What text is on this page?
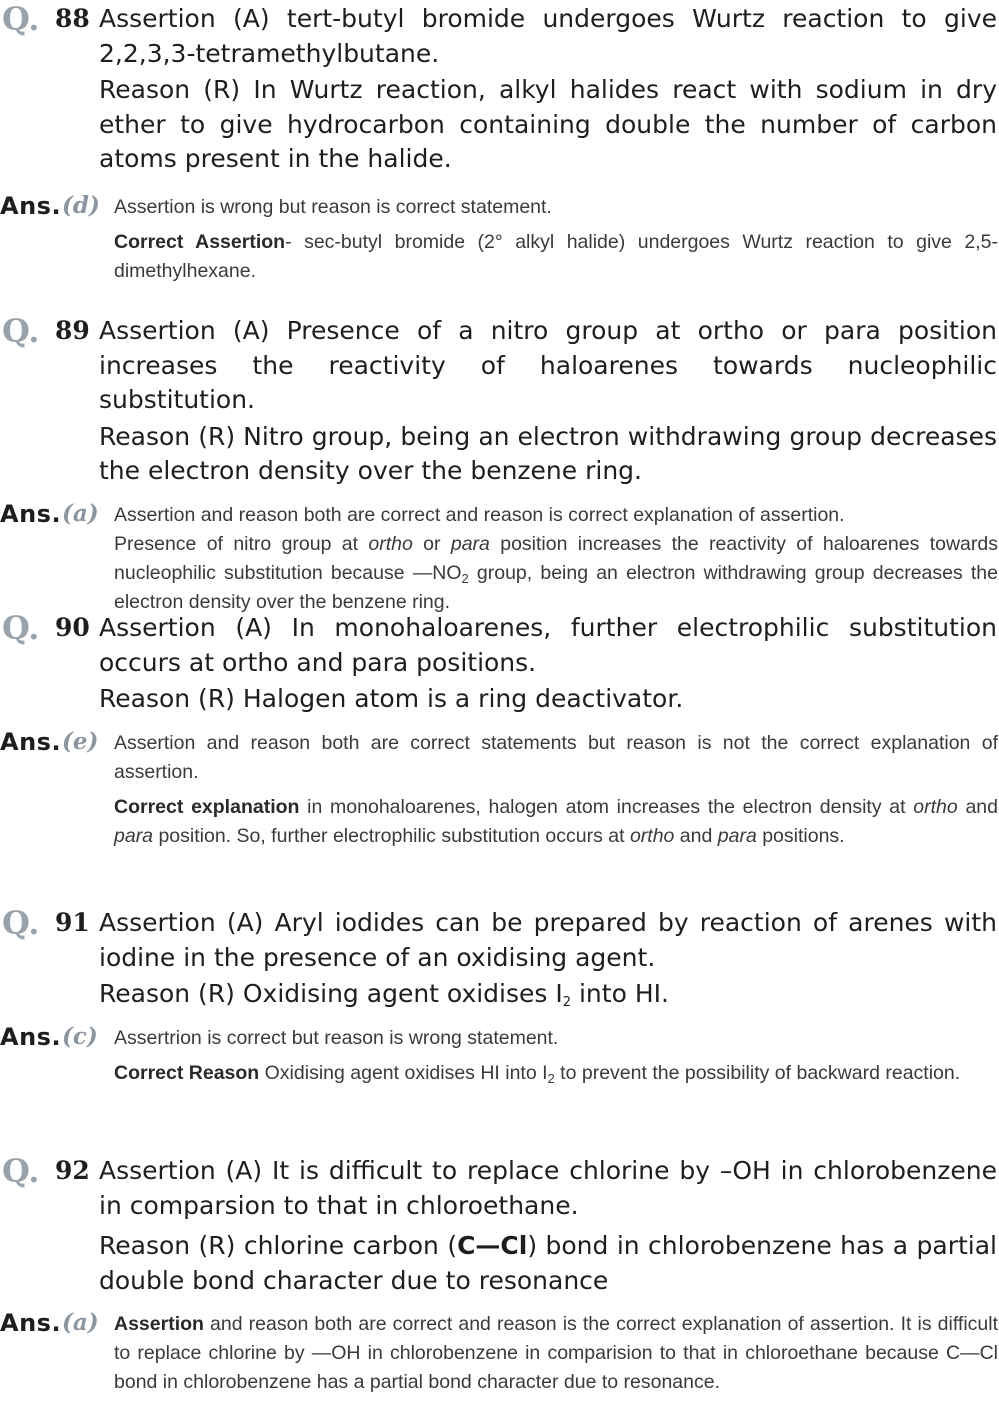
Q. 88 Assertion (A) tert-butyl bromide undergoes Wurtz reaction to give 2,2,3,3-tetramethylbutane.

Reason (R) In Wurtz reaction, alkyl halides react with sodium in dry ether to give hydrocarbon containing double the number of carbon atoms present in the halide.

Ans. (d) Assertion is wrong but reason is correct statement.

Correct Assertion- sec-butyl bromide (2° alkyl halide) undergoes Wurtz reaction to give 2,5- dimethylhexane.

Q. 89 Assertion (A) Presence of a nitro group at ortho or para position increases the reactivity of haloarenes towards nucleophilic substitution.

Reason (R) Nitro group, being an electron withdrawing group decreases the electron density over the benzene ring.

Ans. (a) Assertion and reason both are correct and reason is correct explanation of assertion.

Presence of nitro group at ortho or para position increases the reactivity of haloarenes towards nucleophilic substitution because $—NO_2$ group, being an electron withdrawing group decreases the electron density over the benzene ring.

Q. 90 Assertion (A) In monohaloarenes, further electrophilic substitution occurs at ortho and para positions.

Reason (R) Halogen atom is a ring deactivator.

Ans. (e) Assertion and reason both are correct statements but reason is not the correct explanation of assertion.

Correct explanation in monohaloarenes, halogen atom increases the electron density at ortho and para position. So, further electrophilic substitution occurs at ortho and para positions.

Q. 91 Assertion (A) Aryl iodides can be prepared by reaction of arenes with iodine in the presence of an oxidising agent.

Reason (R) Oxidising agent oxidises $I_2$ into HI.

Ans. (c) Assertrion is correct but reason is wrong statement.

Correct Reason Oxidising agent oxidises HI into $I_2$ to prevent the possibility of backward reaction.

Q. 92 Assertion (A) It is difficult to replace chlorine by –OH in chlorobenzene in comparsion to that in chloroethane.

Reason (R) chlorine carbon (C—Cl) bond in chlorobenzene has a partial double bond character due to resonance

Ans. (a) Assertion and reason both are correct and reason is the correct explanation of assertion. It is difficult to replace chlorine by —OH in chlorobenzene in comparision to that in chloroethane because C—Cl bond in chlorobenzene has a partial bond character due to resonance.
